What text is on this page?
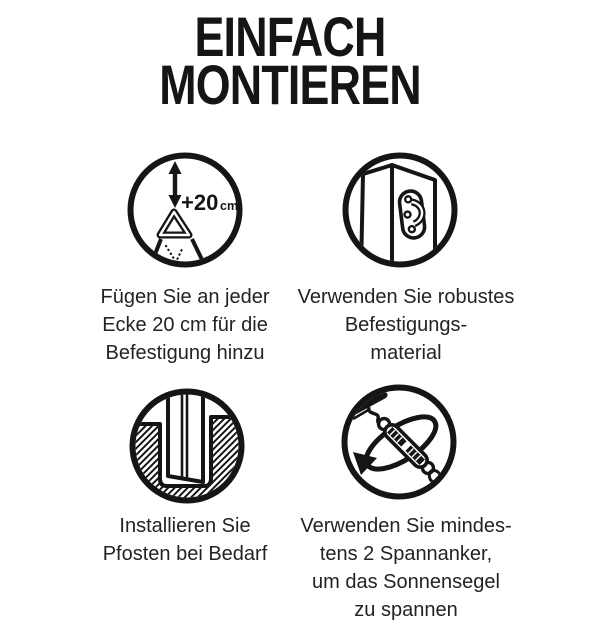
EINFACH
MONTIEREN
+20 cm
Fügen Sie an jeder
Ecke 20 cm für die
Befestigung hinzu
Verwenden Sie robustes
Befestigungs-
material
Installieren Sie
Pfosten bei Bedarf
Verwenden Sie mindes-
tens 2 Spannanker,
um das Sonnensegel
zu spannen
